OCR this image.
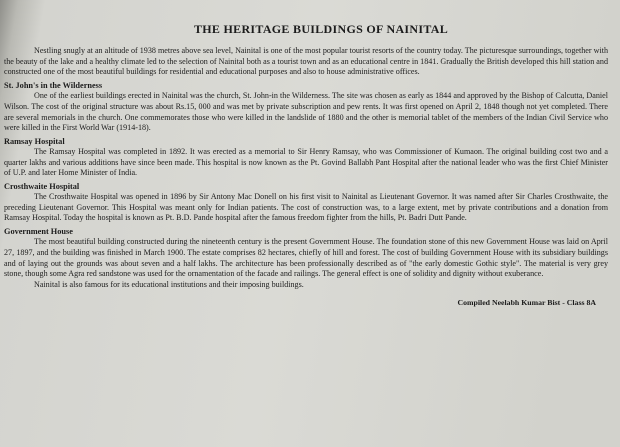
THE HERITAGE BUILDINGS OF NAINITAL

Nestling snugly at an altitude of 1938 metres above sea level, Nainital is one of the most popular tourist resorts of the country today. The picturesque surroundings, together with the beauty of the lake and a healthy climate led to the selection of Nainital both as a tourist town and as an educational centre in 1841. Gradually the British developed this hill station and constructed one of the most beautiful buildings for residential and educational purposes and also to house administrative offices.

St. John's in the Wilderness

One of the earliest buildings erected in Nainital was the church, St. John-in the Wilderness. The site was chosen as early as 1844 and approved by the Bishop of Calcutta, Daniel Wilson. The cost of the original structure was about Rs.15, 000 and was met by private subscription and pew rents. It was first opened on April 2, 1848 though not yet completed. There are several memorials in the church. One commemorates those who were killed in the landslide of 1880 and the other is memorial tablet of the members of the Indian Civil Service who were killed in the First World War (1914-18).

Ramsay Hospital

The Ramsay Hospital was completed in 1892. It was erected as a memorial to Sir Henry Ramsay, who was Commissioner of Kumaon. The original building cost two and a quarter lakhs and various additions have since been made. This hospital is now known as the Pt. Govind Ballabh Pant Hospital after the national leader who was the first Chief Minister of U.P. and later Home Minister of India.

Crosthwaite Hospital

The Crosthwaite Hospital was opened in 1896 by Sir Antony Mac Donell on his first visit to Nainital as Lieutenant Governor. It was named after Sir Charles Crosthwaite, the preceding Lieutenant Governor. This Hospital was meant only for Indian patients. The cost of construction was, to a large extent, met by private contributions and a donation from Ramsay Hospital. Today the hospital is known as Pt. B.D. Pande hospital after the famous freedom fighter from the hills, Pt. Badri Dutt Pande.

Government House

The most beautiful building constructed during the nineteenth century is the present Government House. The foundation stone of this new Government House was laid on April 27, 1897, and the building was finished in March 1900. The estate comprises 82 hectares, chiefly of hill and forest. The cost of building Government House with its subsidiary buildings and of laying out the grounds was about seven and a half lakhs. The architecture has been professionally described as of "the early domestic Gothic style". The material is very grey stone, though some Agra red sandstone was used for the ornamentation of the facade and railings. The general effect is one of solidity and dignity without exuberance.

Nainital is also famous for its educational institutions and their imposing buildings.

Compiled Neelabh Kumar Bist - Class 8A
